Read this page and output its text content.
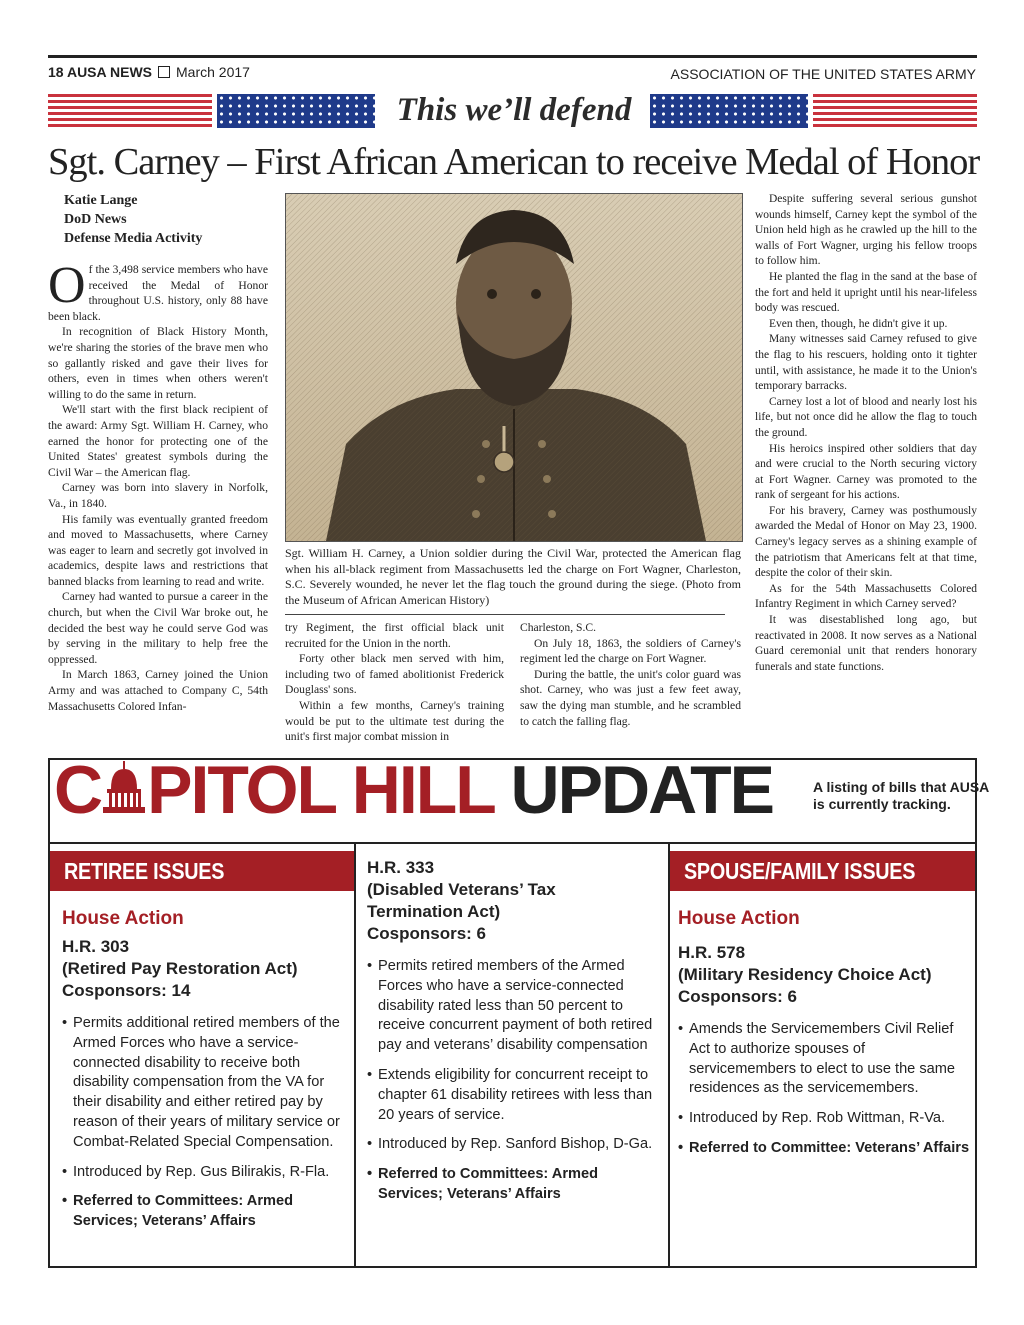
18 AUSA NEWS March 2017	ASSOCIATION OF THE UNITED STATES ARMY
This we’ll defend
Sgt. Carney – First African American to receive Medal of Honor
Katie Lange
DoD News
Defense Media Activity

Of the 3,498 service members who have received the Medal of Honor throughout U.S. history, only 88 have been black.

In recognition of Black History Month, we're sharing the stories of the brave men who so gallantly risked and gave their lives for others, even in times when others weren't willing to do the same in return.

We'll start with the first black recipient of the award: Army Sgt. William H. Carney, who earned the honor for protecting one of the United States' greatest symbols during the Civil War – the American flag.

Carney was born into slavery in Norfolk, Va., in 1840.

His family was eventually granted freedom and moved to Massachusetts, where Carney was eager to learn and secretly got involved in academics, despite laws and restrictions that banned blacks from learning to read and write.

Carney had wanted to pursue a career in the church, but when the Civil War broke out, he decided the best way he could serve God was by serving in the military to help free the oppressed.

In March 1863, Carney joined the Union Army and was attached to Company C, 54th Massachusetts Colored Infan-

Sgt. William H. Carney, a Union soldier during the Civil War, protected the American flag when his all-black regiment from Massachusetts led the charge on Fort Wagner, Charleston, S.C. Severely wounded, he never let the flag touch the ground during the siege. (Photo from the Museum of African American History)

try Regiment, the first official black unit recruited for the Union in the north.

Forty other black men served with him, including two of famed abolitionist Frederick Douglass' sons.

Within a few months, Carney's training would be put to the ultimate test during the unit's first major combat mission in

Charleston, S.C.

On July 18, 1863, the soldiers of Carney's regiment led the charge on Fort Wagner.

During the battle, the unit's color guard was shot. Carney, who was just a few feet away, saw the dying man stumble, and he scrambled to catch the falling flag.

Despite suffering several serious gunshot wounds himself, Carney kept the symbol of the Union held high as he crawled up the hill to the walls of Fort Wagner, urging his fellow troops to follow him.

He planted the flag in the sand at the base of the fort and held it upright until his near-lifeless body was rescued.

Even then, though, he didn't give it up.

Many witnesses said Carney refused to give the flag to his rescuers, holding onto it tighter until, with assistance, he made it to the Union's temporary barracks.

Carney lost a lot of blood and nearly lost his life, but not once did he allow the flag to touch the ground.

His heroics inspired other soldiers that day and were crucial to the North securing victory at Fort Wagner. Carney was promoted to the rank of sergeant for his actions.

For his bravery, Carney was posthumously awarded the Medal of Honor on May 23, 1900. Carney's legacy serves as a shining example of the patriotism that Americans felt at that time, despite the color of their skin.

As for the 54th Massachusetts Colored Infantry Regiment in which Carney served?

It was disestablished long ago, but reactivated in 2008. It now serves as a National Guard ceremonial unit that renders honorary funerals and state functions.

C PITOL HILL UPDATE	A listing of bills that AUSA
is currently tracking.
RETIREE ISSUES
House Action
H.R. 303
(Retired Pay Restoration Act)
Cosponsors: 14
• Permits additional retired members of the Armed Forces who have a service-connected disability to receive both disability compensation from the VA for their disability and either retired pay by reason of their years of military service or Combat-Related Special Compensation.
• Introduced by Rep. Gus Bilirakis, R-Fla.
• Referred to Committees: Armed Services; Veterans’ Affairs
H.R. 333
(Disabled Veterans’ Tax
Termination Act)
Cosponsors: 6
• Permits retired members of the Armed Forces who have a service-connected disability rated less than 50 percent to receive concurrent payment of both retired pay and veterans’ disability compensation
• Extends eligibility for concurrent receipt to chapter 61 disability retirees with less than 20 years of service.
• Introduced by Rep. Sanford Bishop, D-Ga.
• Referred to Committees: Armed Services; Veterans’ Affairs
SPOUSE/FAMILY ISSUES
House Action
H.R. 578
(Military Residency Choice Act)
Cosponsors: 6
• Amends the Servicemembers Civil Relief Act to authorize spouses of servicemembers to elect to use the same residences as the servicemembers.
• Introduced by Rep. Rob Wittman, R-Va.
• Referred to Committee: Veterans’ Affairs
